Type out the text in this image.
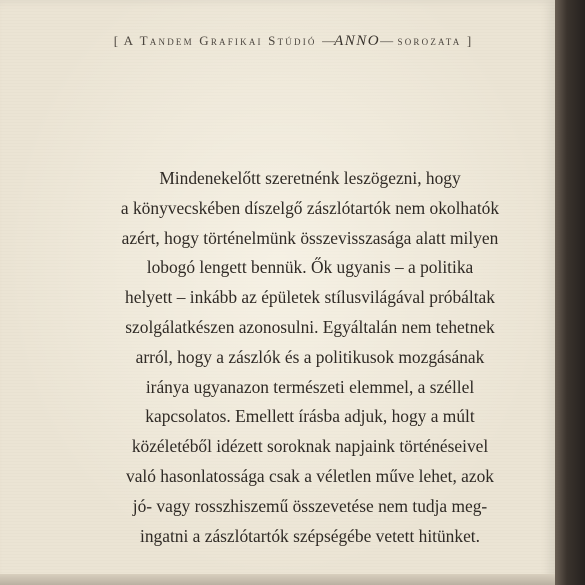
[ A Tandem Grafikai Stúdió —ANNO— sorozata ]
Mindenekelőtt szeretnénk leszögezni, hogy
a könyvecskében díszelgő zászlótartók nem okolhatók
azért, hogy történelmünk összevisszasága alatt milyen
lobogó lengett bennük. Ők ugyanis – a politika
helyett – inkább az épületek stílusvilágával próbáltak
szolgálatkészen azonosulni. Egyáltalán nem tehetnek
arról, hogy a zászlók és a politikusok mozgásának
iránya ugyanazon természeti elemmel, a széllel
kapcsolatos. Emellett írásba adjuk, hogy a múlt
közéletéből idézett soroknak napjaink történéseivel
való hasonlatossága csak a véletlen műve lehet, azok
jó- vagy rosszhiszemű összevetése nem tudja meg-
ingatni a zászlótartók szépségébe vetett hitünket.
